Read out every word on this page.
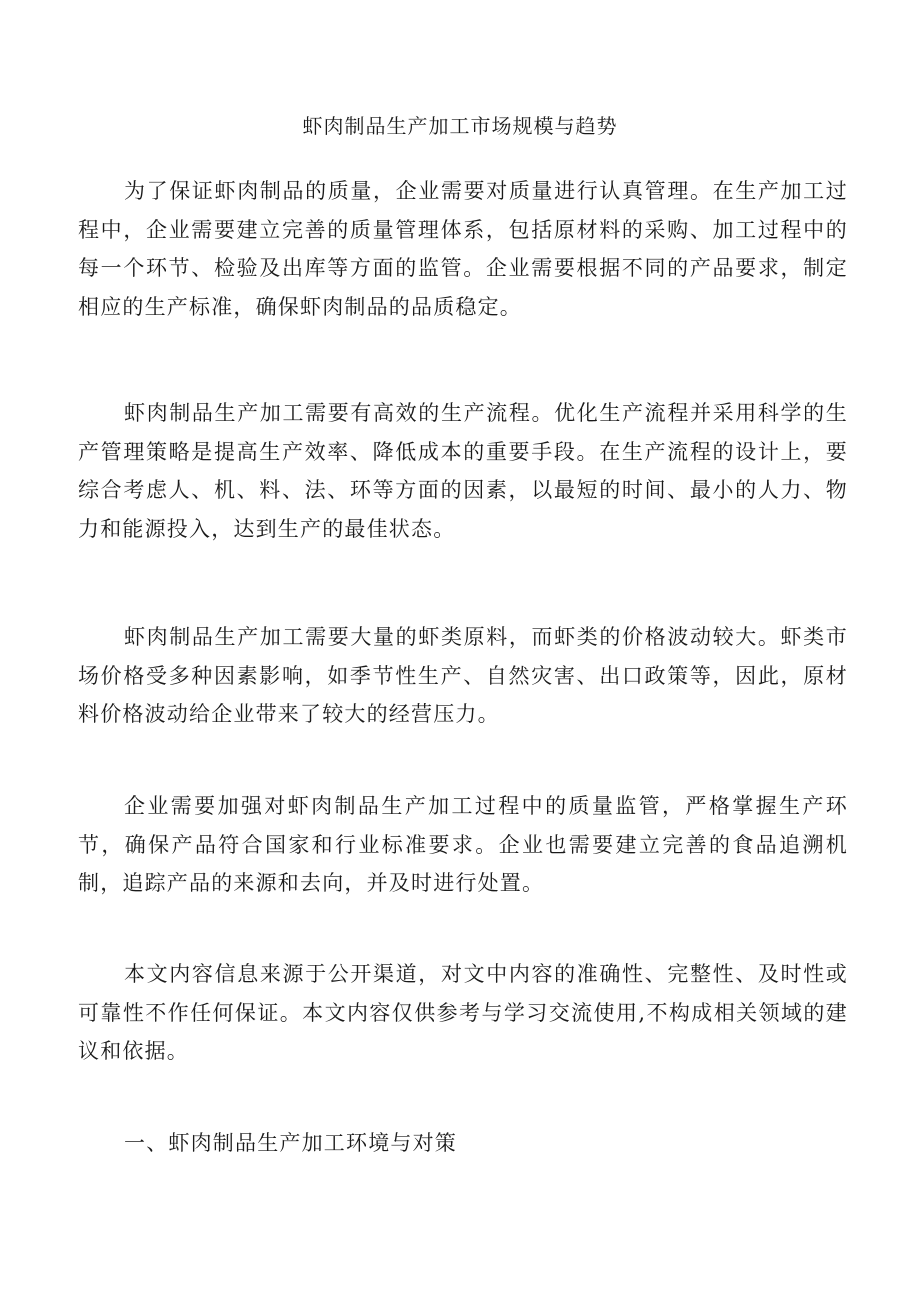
虾肉制品生产加工市场规模与趋势

为了保证虾肉制品的质量，企业需要对质量进行认真管理。在生产加工过程中，企业需要建立完善的质量管理体系，包括原材料的采购、加工过程中的每一个环节、检验及出库等方面的监管。企业需要根据不同的产品要求，制定相应的生产标准，确保虾肉制品的品质稳定。

虾肉制品生产加工需要有高效的生产流程。优化生产流程并采用科学的生产管理策略是提高生产效率、降低成本的重要手段。在生产流程的设计上，要综合考虑人、机、料、法、环等方面的因素，以最短的时间、最小的人力、物力和能源投入，达到生产的最佳状态。

虾肉制品生产加工需要大量的虾类原料，而虾类的价格波动较大。虾类市场价格受多种因素影响，如季节性生产、自然灾害、出口政策等，因此，原材料价格波动给企业带来了较大的经营压力。

企业需要加强对虾肉制品生产加工过程中的质量监管，严格掌握生产环节，确保产品符合国家和行业标准要求。企业也需要建立完善的食品追溯机制，追踪产品的来源和去向，并及时进行处置。

本文内容信息来源于公开渠道，对文中内容的准确性、完整性、及时性或可靠性不作任何保证。本文内容仅供参考与学习交流使用,不构成相关领域的建议和依据。

一、虾肉制品生产加工环境与对策
